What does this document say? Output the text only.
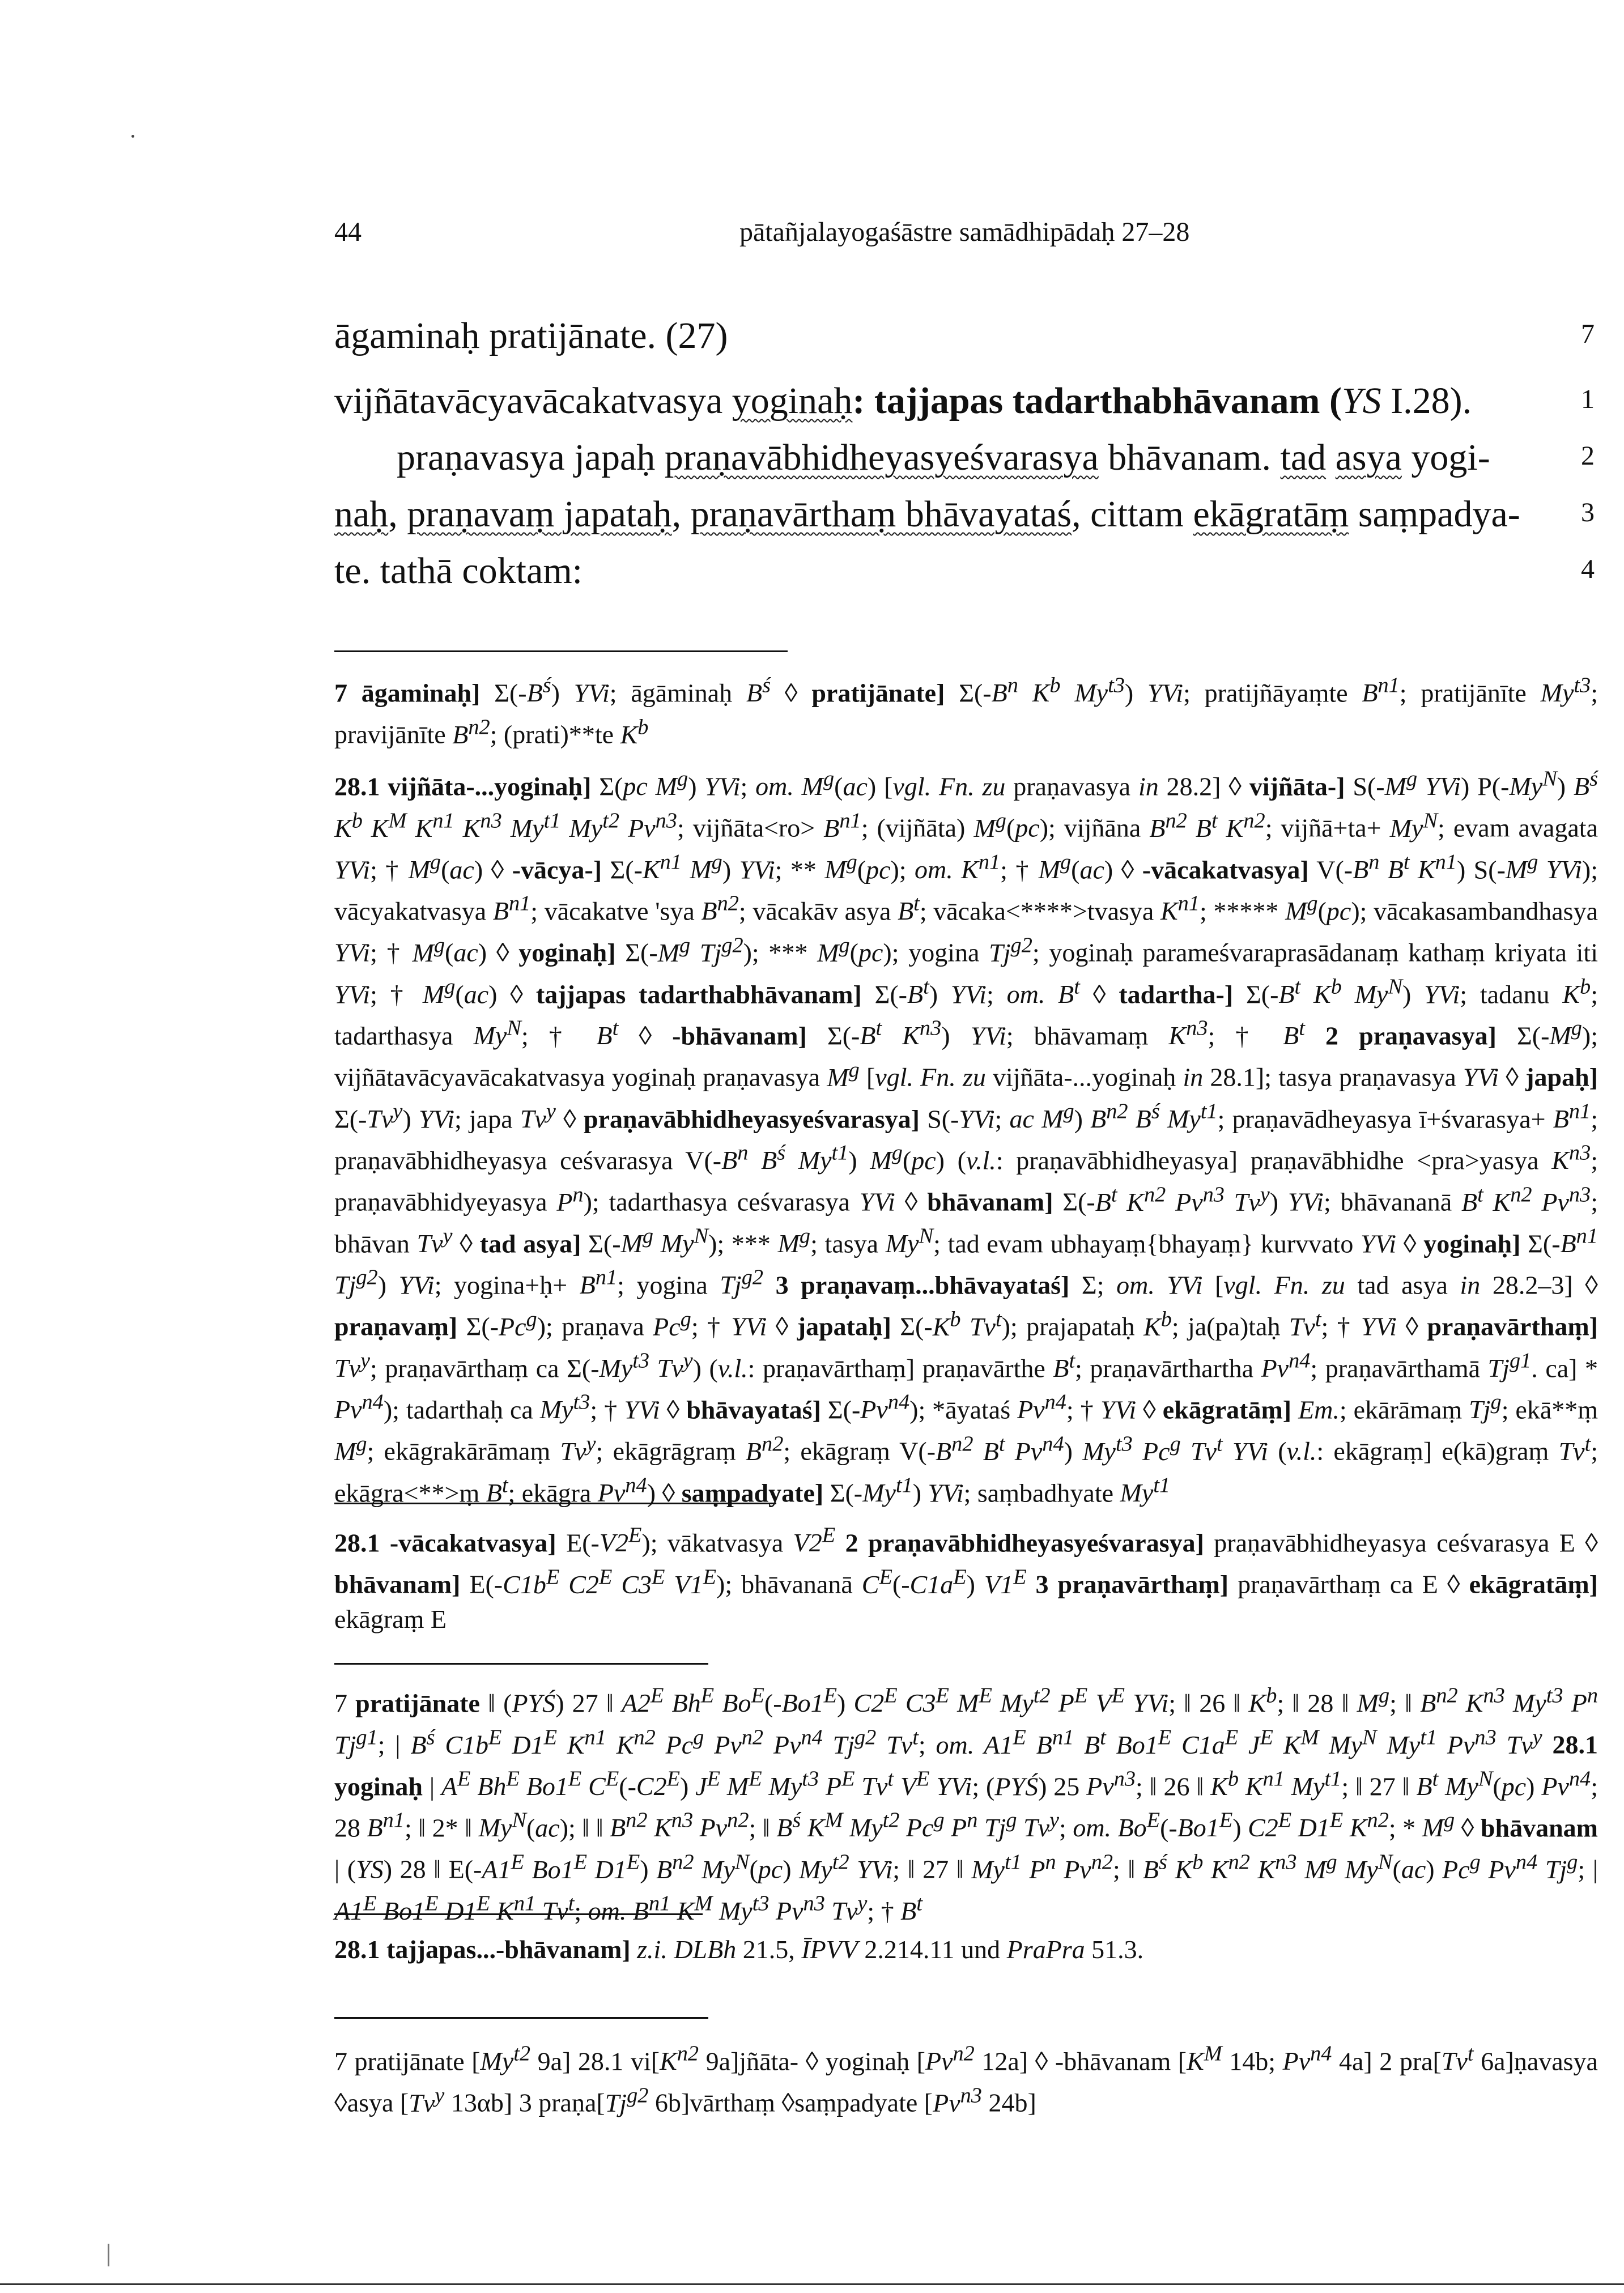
44	pātañjalayogaśāstre samādhipādaḥ 27–28
āgaminaḥ pratijānate. (27)	7
vijñātavācyavācakatvasya yoginaḥ: tajjapas tadarthabhāvanam (YS I.28).	1
praṇavasya japaḥ praṇavābhidheyasyeśvarasya bhāvanam. tad asya yogi-	2
naḥ, praṇavaṃ japataḥ, praṇavārthaṃ bhāvayataś, cittam ekāgratāṃ saṃpadya-	3
te. tathā coktam:	4

7 āgaminaḥ] $\Sigma(-B^ś)$ YVi; āgāminaḥ $B^ś$ ◊ pratijānate] $\Sigma(-B^n$ $K^b$ $My^{t3}$) YVi; pratijñāyaṃte $B^{n1}$; pratijānīte $My^{t3}$; pravijānīte $B^{n2}$; (prati)**te $K^b$

28.1 vijñāta-...yoginaḥ] Σ(pc $M^g$) YVi; om. $M^g(ac)$ [vgl. Fn. zu praṇavasya in 28.2] ◊ vijñāta-] $S(-M^g$ YVi) $P(-My^N)$ $B^ś$ $K^b$ $K^M$ $K^{n1}$ $K^{n3}$ $My^{t1}$ $My^{t2}$ $Pv^{n3}$; vijñāta<ro> $B^{n1}$; (vijñāta) $M^g(pc)$; vijñāna $B^{n2}$ $B^t$ $K^{n2}$; vijñā+ta+ $My^N$; evam avagata YVi; † $M^g(ac)$ ◊ -vācya-] $\Sigma(-K^{n1}$ $M^g$) YVi; ** $M^g(pc)$; om. $K^{n1}$; † $M^g(ac)$ ◊ -vācakatvasya] $V(-B^n$ $B^t$ $K^{n1}$) $S(-M^g$ YVi); vācyakatvasya $B^{n1}$; vācakatve 'sya $B^{n2}$; vācakāv asya $B^t$; vācaka<****>tvasya $K^{n1}$; ***** $M^g(pc)$; vācakasambandhasya YVi; † $M^g(ac)$ ◊ yoginaḥ] $\Sigma(-M^g$ $Tj^{g2}$); *** $M^g(pc)$; yogina $Tj^{g2}$; yoginaḥ parameśvaraprasādanaṃ kathaṃ kriyata iti YVi; † $M^g(ac)$ ◊ tajjapas tadarthabhāvanam] $\Sigma(-B^t)$ YVi; om. $B^t$ ◊ tadartha-] $\Sigma(-B^t$ $K^b$ $My^N$) YVi; tadanu $K^b$; tadarthasya $My^N$; † $B^t$ ◊ -bhāvanam] $\Sigma(-B^t$ $K^{n3}$) YVi; bhāvamaṃ $K^{n3}$; † $B^t$ 2 praṇavasya] $\Sigma(-M^g)$; vijñātavācyavācakatvasya yoginaḥ praṇavasya $M^g$ [vgl. Fn. zu vijñāta-...yoginaḥ in 28.1]; tasya praṇavasya YVi ◊ japaḥ] Σ(-Tv$^y$) YVi; japa Tv$^y$ ◊ praṇavābhidheyasyeśvarasya] S(-YVi; ac $M^g$) $B^{n2}$ $B^ś$ $My^{t1}$; praṇavādheyasya ī+śvarasya+ $B^{n1}$; praṇavābhidheyasya ceśvarasya $V(-B^n$ $B^ś$ $My^{t1}$) $M^g(pc)$ (v.l.: praṇavābhidheyasya] praṇavābhidhe <pra>yasya $K^{n3}$; praṇavābhidyeyasya $P^n$); tadarthasya ceśvarasya YVi ◊ bhāvanam] $\Sigma(-B^t$ $K^{n2}$ $Pv^{n3}$ Tv$^y$) YVi; bhāvananā $B^t$ $K^{n2}$ $Pv^{n3}$; bhāvan Tv$^y$ ◊ tad asya] $\Sigma(-M^g$ $My^N$); *** $M^g$; tasya $My^N$; tad evam ubhayaṃ{bhayaṃ} kurvvato YVi ◊ yoginaḥ] $\Sigma(-B^{n1}$ $Tj^{g2}$) YVi; yogina+ḥ+ $B^{n1}$; yogina $Tj^{g2}$ 3 praṇavaṃ...bhāvayataś] Σ; om. YVi [vgl. Fn. zu tad asya in 28.2–3] ◊ praṇavaṃ] Σ(-Pc$^g$); praṇava Pc$^g$; † YVi ◊ japataḥ] $\Sigma(-K^b$ Tv$^t$); prajapataḥ $K^b$; ja(pa)taḥ Tv$^t$; † YVi ◊ praṇavārthaṃ] Tv$^y$; praṇavārthaṃ ca $\Sigma(-My^{t3}$ Tv$^y$) (v.l.: praṇavārthaṃ] praṇavārthe $B^t$; praṇavārthartha $Pv^{n4}$; praṇavārthamā $Tj^{g1}$. $ca] * Pv^{n4}$); tadarthaḥ ca $My^{t3}$; † YVi ◊ bhāvayataś] $\Sigma(-Pv^{n4})$; *āyataś $Pv^{n4}$; † YVi ◊ ekāgratāṃ] Em.; ekārāmaṃ Tj$^g$; ekā**ṃ $M^g$; ekāgrakārāmaṃ Tv$^y$; ekāgrāgraṃ $B^{n2}$; ekāgraṃ $V(-B^{n2}$ $B^t$ $Pv^{n4}$) $My^{t3}$ Pc$^g$ Tv$^t$ YVi (v.l.: ekāgraṃ] e(kā)graṃ Tv$^t$; ekāgra<**>ṃ $B^t$; ekāgra $Pv^{n4}$) ◊ saṃpadyate] $\Sigma(-My^{t1})$ YVi; saṃbadhyate $My^{t1}$

28.1 -vācakatvasya] $E(-V2^E)$; vākatvasya $V2^E$ 2 praṇavābhidheyasyeśvarasya] praṇavābhidheyasya ceśvarasya E ◊ bhāvanam] $E(-C1b^E$ $C2^E$ $C3^E$ $V1^E$); bhāvananā $C^E(-C1a^E)$ $V1^E$ 3 praṇavārthaṃ] praṇavārthaṃ ca E ◊ ekāgratāṃ] ekāgraṃ E

7 pratijānate ‖ (PYŚ) 27 ‖ $A2^E$ $Bh^E$ $Bo^E(-Bo1^E)$ $C2^E$ $C3^E$ $M^E$ $My^{t2}$ $P^E$ $V^E$ YVi; ‖ 26 ‖ $K^b$; ‖ 28 ‖ $M^g$; ‖ $B^{n2}$ $K^{n3}$ $My^{t3}$ $P^n$ $Tj^{g1}$; | $B^ś$ $C1b^E$ $D1^E$ $K^{n1}$ $K^{n2}$ Pc$^g$ $Pv^{n2}$ $Pv^{n4}$ $Tj^{g2}$ Tv$^t$; om. $A1^E$ $B^{n1}$ $B^t$ $Bo1^E$ $C1a^E$ $J^E$ $K^M$ $My^N$ $My^{t1}$ $Pv^{n3}$ Tv$^y$ 28.1 yoginaḥ | $A^E$ $Bh^E$ $Bo1^E$ $C^E(-C2^E)$ $J^E$ $M^E$ $My^{t3}$ $P^E$ Tv$^t$ $V^E$ YVi; (PYŚ) 25 $Pv^{n3}$; ‖ 26 ‖ $K^b$ $K^{n1}$ $My^{t1}$; ‖ 27 ‖ $B^t$ $My^N(pc)$ $Pv^{n4}$; 28 $B^{n1}$; ‖ 2* ‖ $My^N(ac)$; ‖ ‖ $B^{n2}$ $K^{n3}$ $Pv^{n2}$; ‖ $B^ś$ $K^M$ $My^{t2}$ Pc$^g$ $P^n$ Tj$^g$ Tv$^y$; om. $Bo^E(-Bo1^E)$ $C2^E$ $D1^E$ $K^{n2}$; * $M^g$ ◊ bhāvanam | (YS) 28 ‖ $E(-A1^E$ $Bo1^E$ $D1^E$) $B^{n2}$ $My^N(pc)$ $My^{t2}$ YVi; ‖ 27 ‖ $My^{t1}$ $P^n$ $Pv^{n2}$; ‖ $B^ś$ $K^b$ $K^{n2}$ $K^{n3}$ $M^g$ $My^N(ac)$ Pc$^g$ $Pv^{n4}$ Tj$^g$; | $A1^E$ $Bo1^E$ $D1^E$ $K^{n1}$ Tv$^t$; om. $B^{n1}$ $K^M$ $My^{t3}$ $Pv^{n3}$ Tv$^y$; † $B^t$

28.1 tajjapas...-bhāvanam] z.i. DLBh 21.5, ĪPVV 2.214.11 und PraPra 51.3.

7 pratijānate [$My^{t2}$ 9a] 28.1 $vi[K^{n2}$ 9a]jñāta- ◊ yoginaḥ [$Pv^{n2}$ 12a] ◊ -bhāvanam [$K^M$ 14b; $Pv^{n4}$ 4a] 2 pra[Tv$^t$ 6a]ṇavasya ◊asya [Tv$^y$ 13αb] 3 $praṇa[Tj^{g2}$ 6b]vārthaṃ ◊saṃpadyate [$Pv^{n3}$ 24b]
